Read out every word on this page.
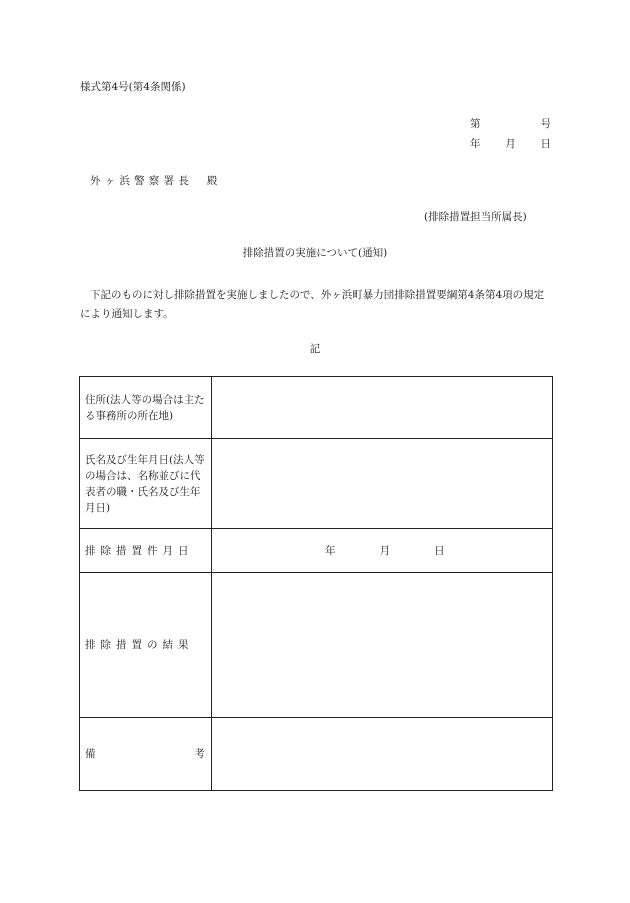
様式第4号(第4条関係)
第	号
年 月 日
外ヶ浜警察署長 殿
(排除措置担当所属長)
排除措置の実施について(通知)
下記のものに対し排除措置を実施しましたので、外ヶ浜町暴力団排除措置要綱第4条第4項の規定により通知します。
記
住所(法人等の場合は主たる事務所の所在地)	
氏名及び生年月日(法人等の場合は、名称並びに代表者の職・氏名及び生年月日)	
排除措置件月日	年 月 日

排除措置の結果	

備 考	
